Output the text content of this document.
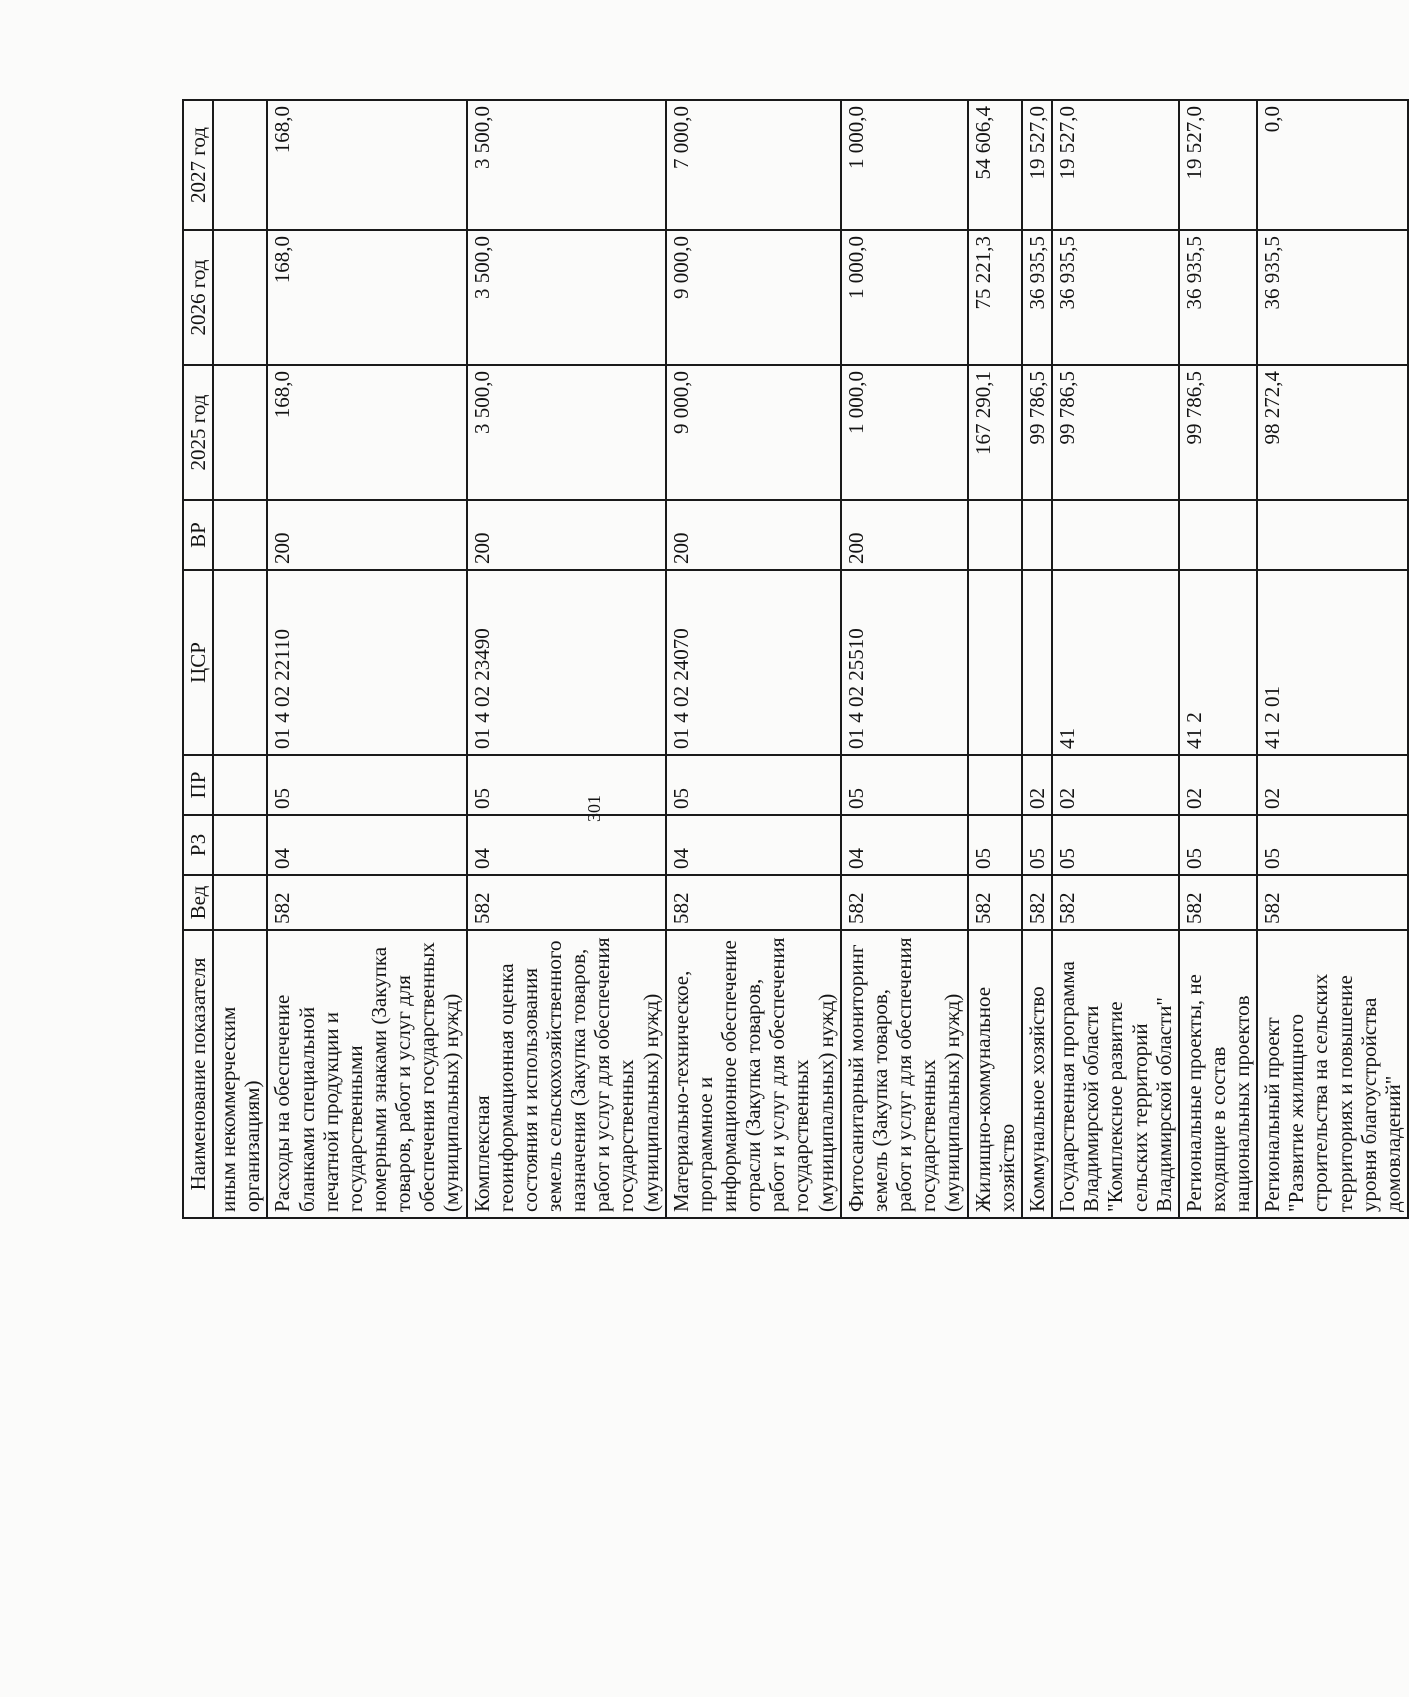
301
Наименование показателя	Вед	РЗ	ПР	ЦСР	ВР	2025 год	2026 год	2027 год
иным некоммерческим организациям)								
Расходы на обеспечение бланками специальной печатной продукции и государственными номерными знаками (Закупка товаров, работ и услуг для обеспечения государственных (муниципальных) нужд)	582	04	05	01 4 02 22110	200	168,0	168,0	168,0
Комплексная геоинформационная оценка состояния и использования земель сельскохозяйственного назначения (Закупка товаров, работ и услуг для обеспечения государственных (муниципальных) нужд)	582	04	05	01 4 02 23490	200	3 500,0	3 500,0	3 500,0
Материально-техническое, программное и информационное обеспечение отрасли (Закупка товаров, работ и услуг для обеспечения государственных (муниципальных) нужд)	582	04	05	01 4 02 24070	200	9 000,0	9 000,0	7 000,0
Фитосанитарный мониторинг земель (Закупка товаров, работ и услуг для обеспечения государственных (муниципальных) нужд)	582	04	05	01 4 02 25510	200	1 000,0	1 000,0	1 000,0
Жилищно-коммунальное хозяйство	582	05				167 290,1	75 221,3	54 606,4
Коммунальное хозяйство	582	05	02			99 786,5	36 935,5	19 527,0
Государственная программа Владимирской области "Комплексное развитие сельских территорий Владимирской области"	582	05	02	41		99 786,5	36 935,5	19 527,0
Региональные проекты, не входящие в состав национальных проектов	582	05	02	41 2		99 786,5	36 935,5	19 527,0
Региональный проект "Развитие жилищного строительства на сельских территориях и повышение уровня благоустройства домовладений"	582	05	02	41 2 01		98 272,4	36 935,5	0,0
